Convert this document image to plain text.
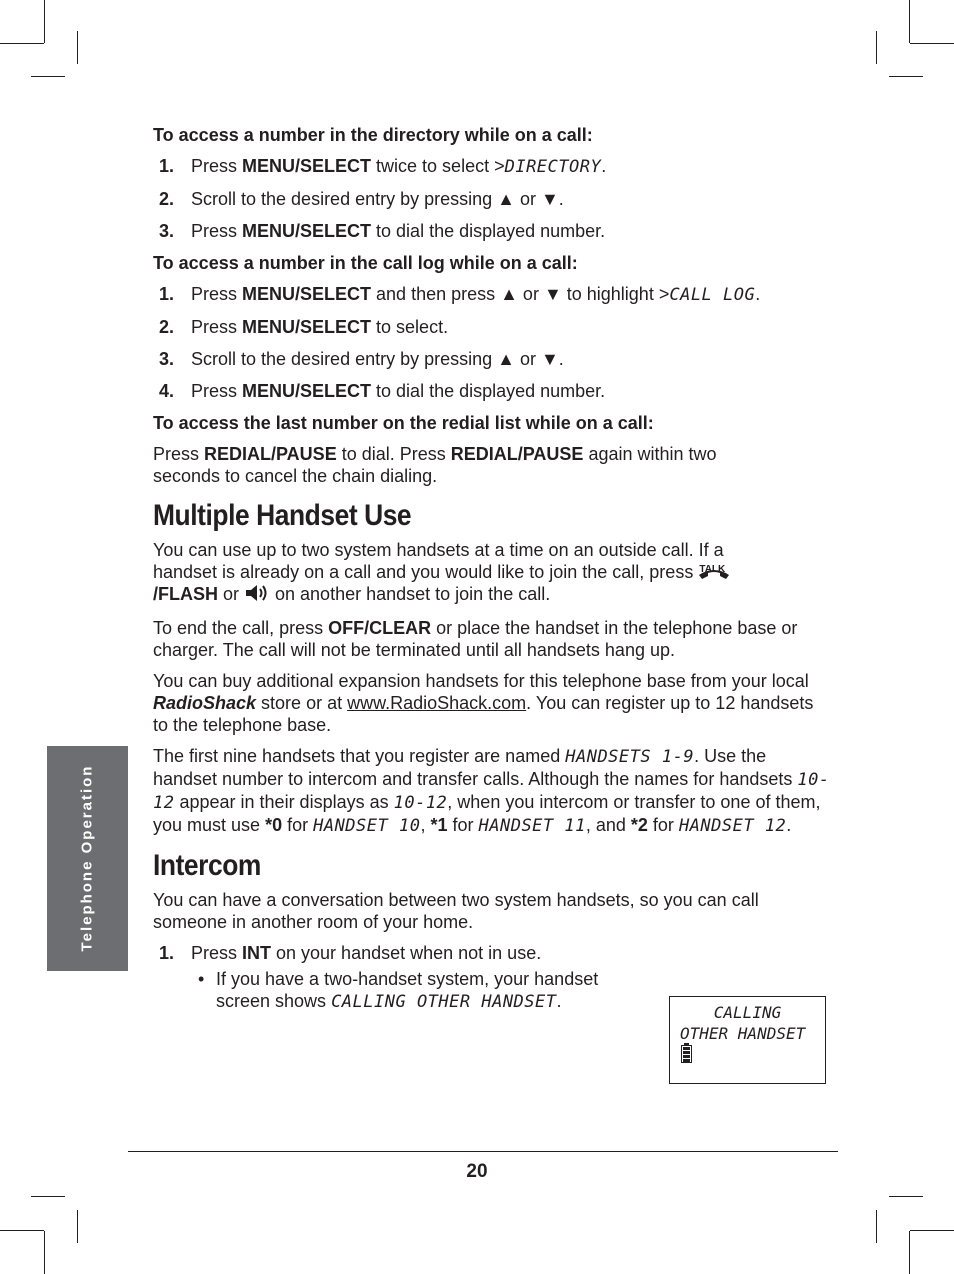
Telephone Operation
To access a number in the directory while on a call:
1. Press MENU/SELECT twice to select >DIRECTORY.
2. Scroll to the desired entry by pressing ▲ or ▼.
3. Press MENU/SELECT to dial the displayed number.
To access a number in the call log while on a call:
1. Press MENU/SELECT and then press ▲ or ▼ to highlight >CALL LOG.
2. Press MENU/SELECT to select.
3. Scroll to the desired entry by pressing ▲ or ▼.
4. Press MENU/SELECT to dial the displayed number.
To access the last number on the redial list while on a call:

Press REDIAL/PAUSE to dial. Press REDIAL/PAUSE again within two seconds to cancel the chain dialing.

Multiple Handset Use

You can use up to two system handsets at a time on an outside call. If a handset is already on a call and you would like to join the call, press TALK
/FLASH or  on another handset to join the call.

To end the call, press OFF/CLEAR or place the handset in the telephone base or charger. The call will not be terminated until all handsets hang up.

You can buy additional expansion handsets for this telephone base from your local RadioShack store or at www.RadioShack.com. You can register up to 12 handsets to the telephone base.

The first nine handsets that you register are named HANDSETS 1-9. Use the handset number to intercom and transfer calls. Although the names for handsets 10-12 appear in their displays as 10-12, when you intercom or transfer to one of them, you must use *0 for HANDSET 10, *1 for HANDSET 11, and *2 for HANDSET 12.

Intercom

You can have a conversation between two system handsets, so you can call someone in another room of your home.

1. Press INT on your handset when not in use.
• If you have a two-handset system, your handset screen shows CALLING OTHER HANDSET.
CALLING
OTHER HANDSET
20
